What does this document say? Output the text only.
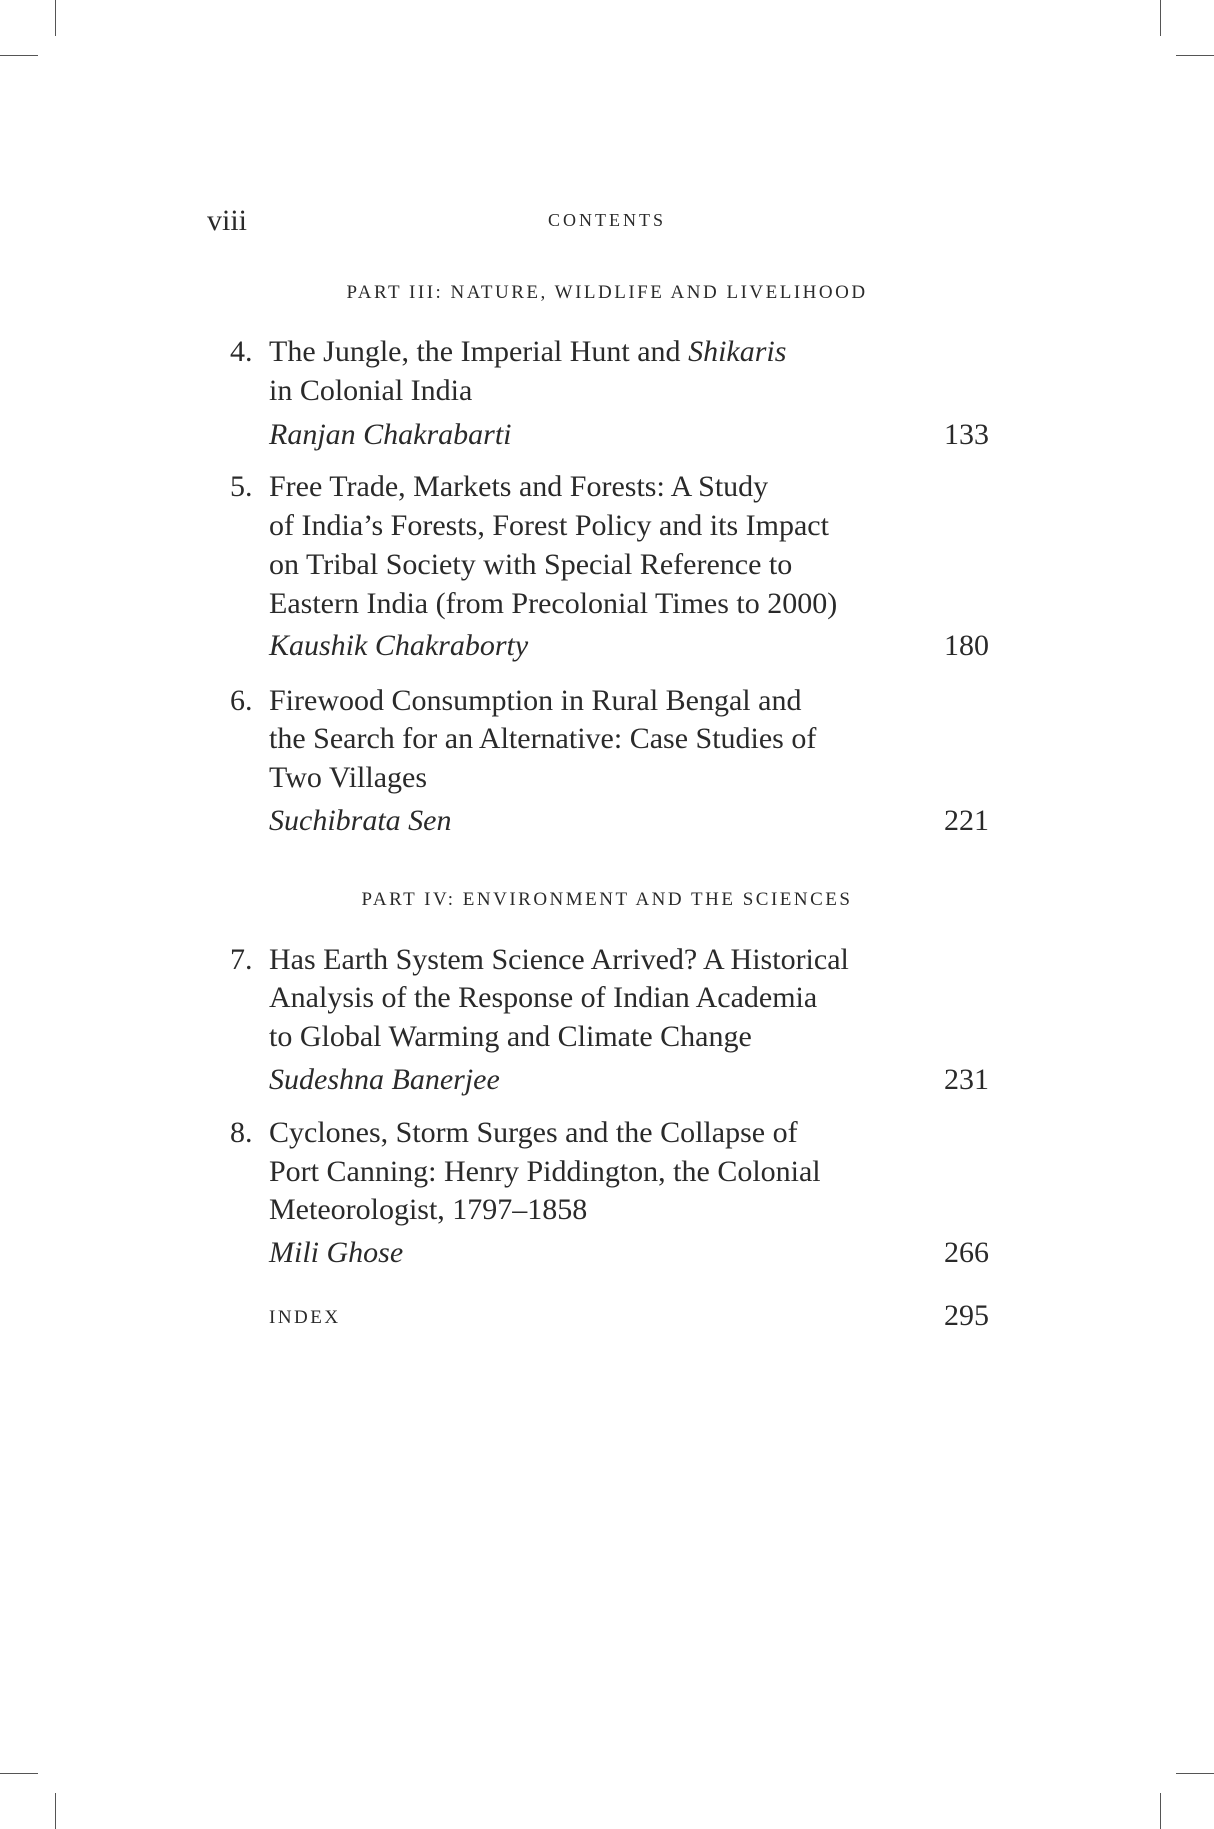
viii	CONTENTS
PART III: NATURE, WILDLIFE AND LIVELIHOOD
4. The Jungle, the Imperial Hunt and Shikaris
in Colonial India
Ranjan Chakrabarti	133
5. Free Trade, Markets and Forests: A Study
of India’s Forests, Forest Policy and its Impact
on Tribal Society with Special Reference to
Eastern India (from Precolonial Times to 2000)
Kaushik Chakraborty	180
6. Firewood Consumption in Rural Bengal and
the Search for an Alternative: Case Studies of
Two Villages
Suchibrata Sen	221
PART IV: ENVIRONMENT AND THE SCIENCES
7. Has Earth System Science Arrived? A Historical
Analysis of the Response of Indian Academia
to Global Warming and Climate Change
Sudeshna Banerjee	231
8. Cyclones, Storm Surges and the Collapse of
Port Canning: Henry Piddington, the Colonial
Meteorologist, 1797–1858
Mili Ghose	266
INDEX	295
